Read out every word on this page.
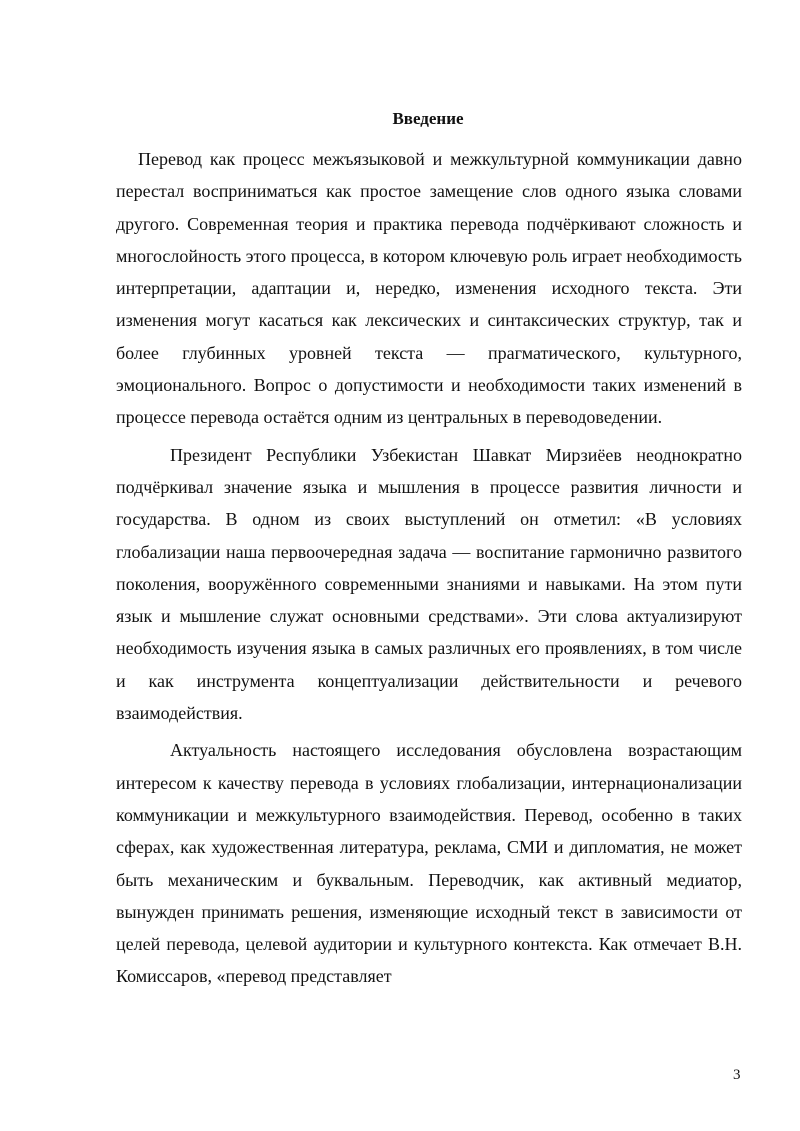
Введение

Перевод как процесс межъязыковой и межкультурной коммуникации давно перестал восприниматься как простое замещение слов одного языка словами другого. Современная теория и практика перевода подчёркивают сложность и многослойность этого процесса, в котором ключевую роль играет необходимость интерпретации, адаптации и, нередко, изменения исходного текста. Эти изменения могут касаться как лексических и синтаксических структур, так и более глубинных уровней текста — прагматического, культурного, эмоционального. Вопрос о допустимости и необходимости таких изменений в процессе перевода остаётся одним из центральных в переводоведении.

Президент Республики Узбекистан Шавкат Мирзиёев неоднократно подчёркивал значение языка и мышления в процессе развития личности и государства. В одном из своих выступлений он отметил: «В условиях глобализации наша первоочередная задача — воспитание гармонично развитого поколения, вооружённого современными знаниями и навыками. На этом пути язык и мышление служат основными средствами». Эти слова актуализируют необходимость изучения языка в самых различных его проявлениях, в том числе и как инструмента концептуализации действительности и речевого взаимодействия.

Актуальность настоящего исследования обусловлена возрастающим интересом к качеству перевода в условиях глобализации, интернационализации коммуникации и межкультурного взаимодействия. Перевод, особенно в таких сферах, как художественная литература, реклама, СМИ и дипломатия, не может быть механическим и буквальным. Переводчик, как активный медиатор, вынужден принимать решения, изменяющие исходный текст в зависимости от целей перевода, целевой аудитории и культурного контекста. Как отмечает В.Н. Комиссаров, «перевод представляет

3
